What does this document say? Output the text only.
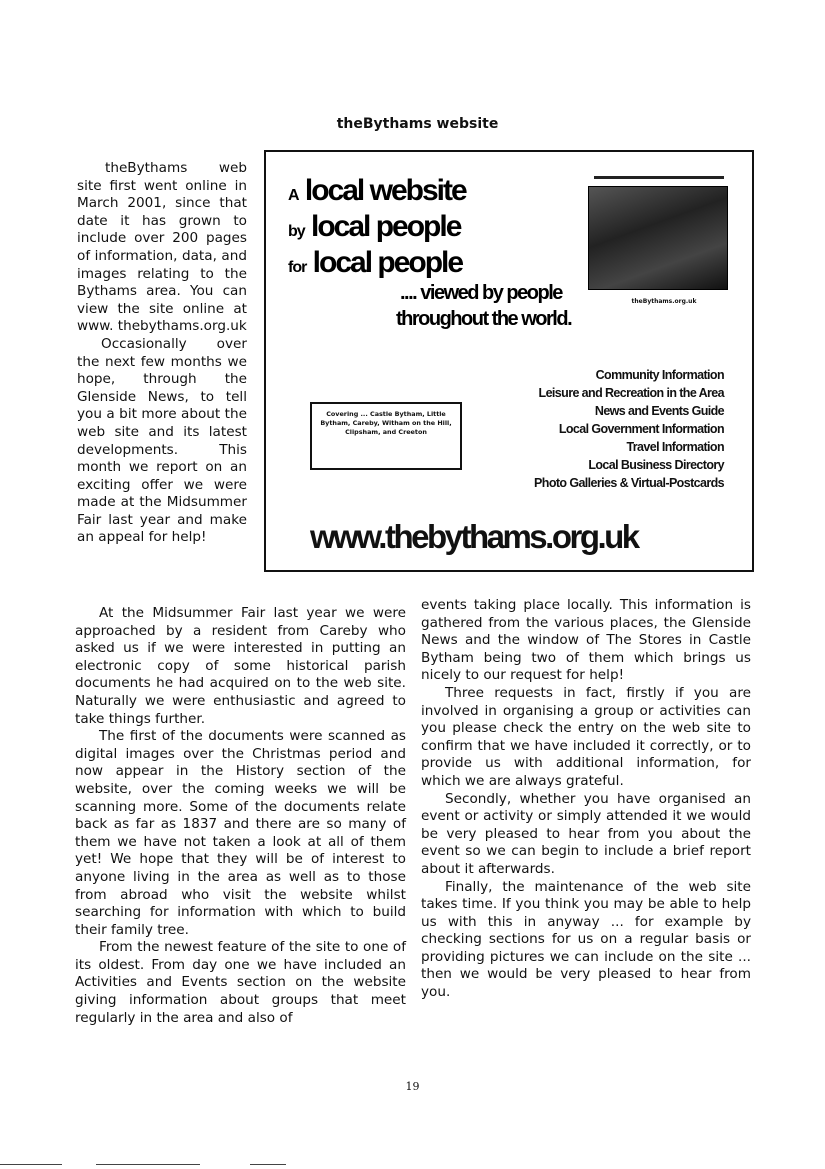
theBythams website

theBythams web site first went online in March 2001, since that date it has grown to include over 200 pages of information, data, and images relating to the Bythams area. You can view the site online at www. thebythams.org.uk

Occasionally over the next few months we hope, through the Glenside News, to tell you a bit more about the web site and its latest developments. This month we report on an exciting offer we were made at the Midsummer Fair last year and make an appeal for help!

A local website
by local people
for local people
.... viewed by people
throughout the world.
theBythams.org.uk
Covering ... Castle Bytham, Little Bytham, Careby, Witham on the Hill, Clipsham, and Creeton
Community Information
Leisure and Recreation in the Area
News and Events Guide
Local Government Information
Travel Information
Local Business Directory
Photo Galleries & Virtual-Postcards
www.thebythams.org.uk

At the Midsummer Fair last year we were approached by a resident from Careby who asked us if we were interested in putting an electronic copy of some historical parish documents he had acquired on to the web site. Naturally we were enthusiastic and agreed to take things further.

The first of the documents were scanned as digital images over the Christmas period and now appear in the History section of the website, over the coming weeks we will be scanning more. Some of the documents relate back as far as 1837 and there are so many of them we have not taken a look at all of them yet! We hope that they will be of interest to anyone living in the area as well as to those from abroad who visit the website whilst searching for information with which to build their family tree.

From the newest feature of the site to one of its oldest. From day one we have included an Activities and Events section on the website giving information about groups that meet regularly in the area and also of

events taking place locally. This information is gathered from the various places, the Glenside News and the window of The Stores in Castle Bytham being two of them which brings us nicely to our request for help!

Three requests in fact, firstly if you are involved in organising a group or activities can you please check the entry on the web site to confirm that we have included it correctly, or to provide us with additional information, for which we are always grateful.

Secondly, whether you have organised an event or activity or simply attended it we would be very pleased to hear from you about the event so we can begin to include a brief report about it afterwards.

Finally, the maintenance of the web site takes time. If you think you may be able to help us with this in anyway ... for example by checking sections for us on a regular basis or providing pictures we can include on the site ... then we would be very pleased to hear from you.

19
